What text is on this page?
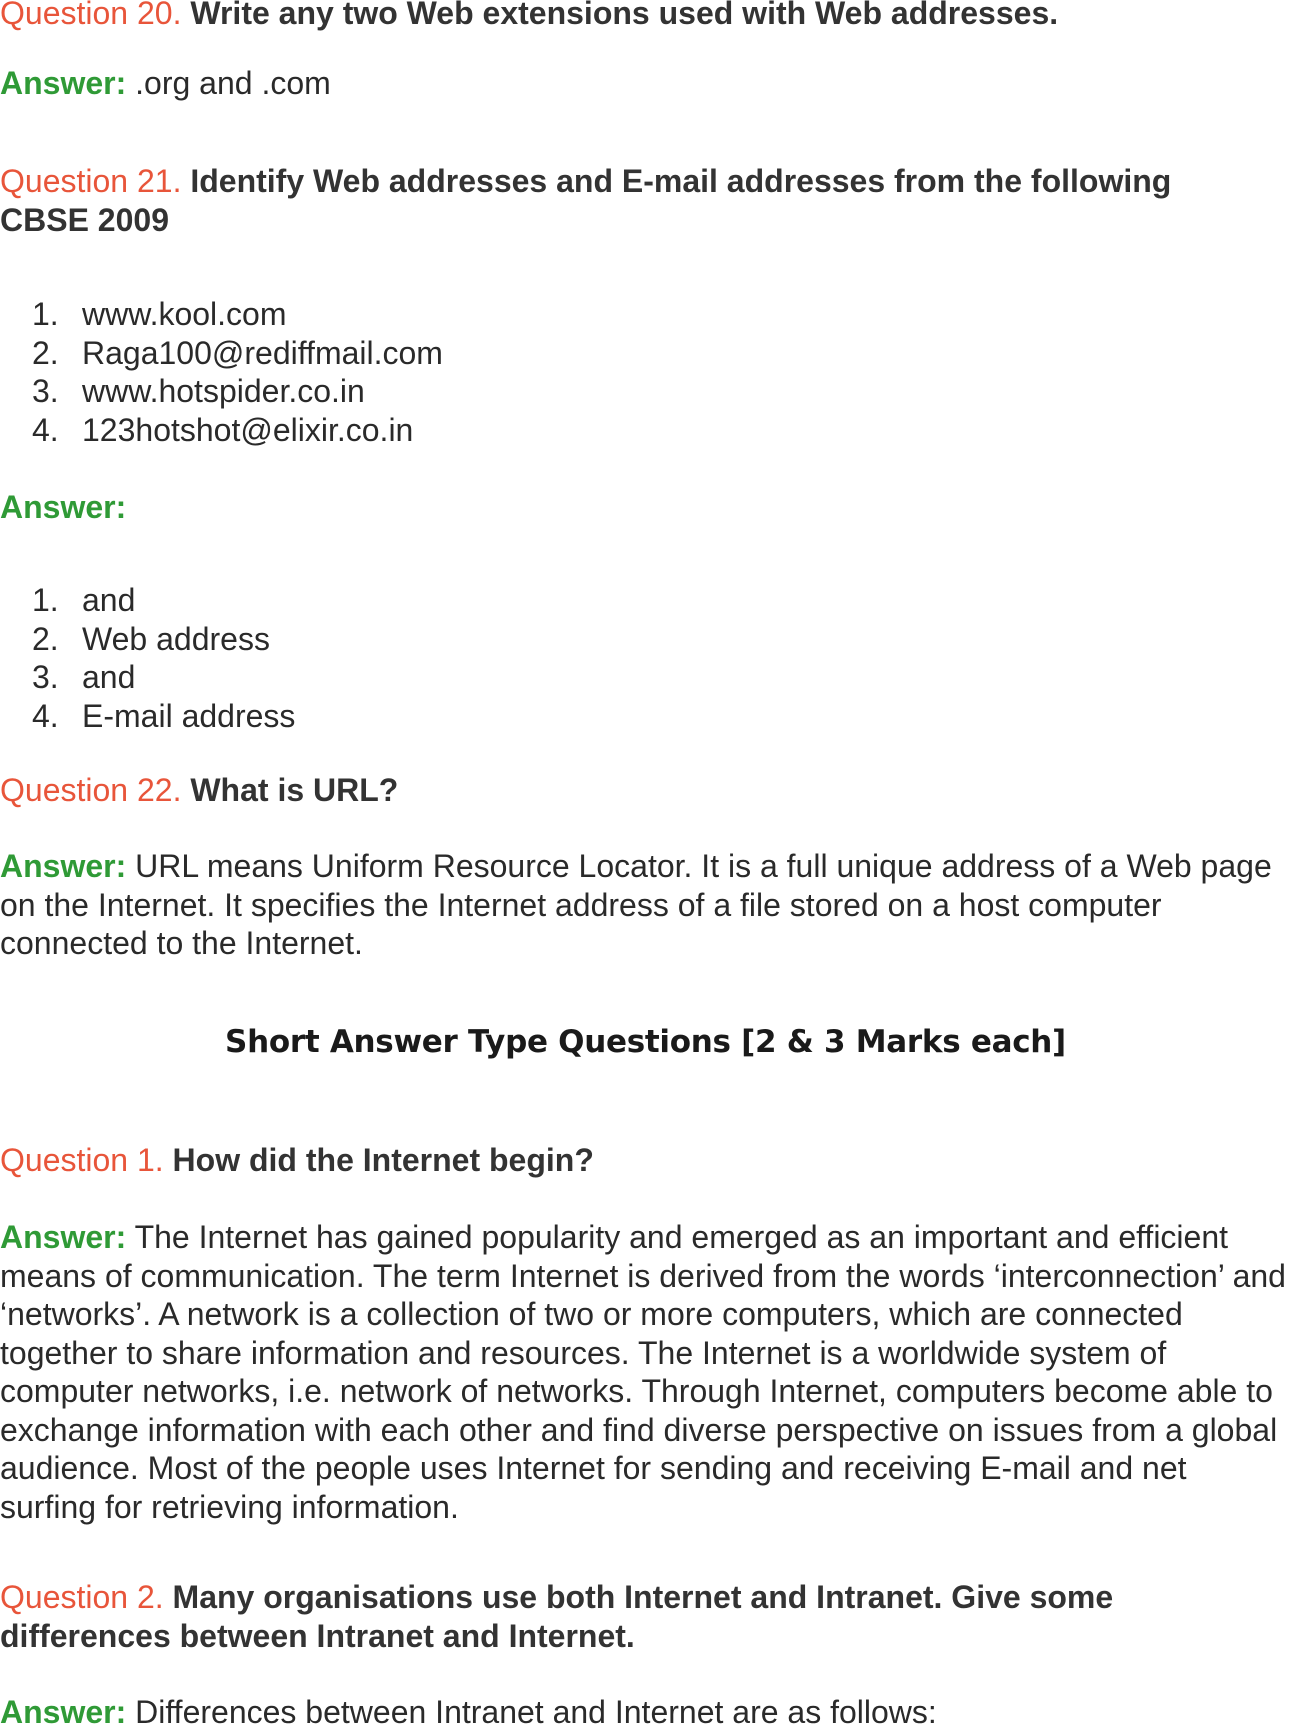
Question 20. Write any two Web extensions used with Web addresses.

Answer: .org and .com

Question 21. Identify Web addresses and E-mail addresses from the following CBSE 2009

1. www.kool.com
2. Raga100@rediffmail.com
3. www.hotspider.co.in
4. 123hotshot@elixir.co.in

Answer:

1. and
2. Web address
3. and
4. E-mail address

Question 22. What is URL?

Answer: URL means Uniform Resource Locator. It is a full unique address of a Web page on the Internet. It specifies the Internet address of a file stored on a host computer connected to the Internet.

Short Answer Type Questions [2 & 3 Marks each]

Question 1. How did the Internet begin?

Answer: The Internet has gained popularity and emerged as an important and efficient means of communication. The term Internet is derived from the words ‘interconnection’ and ‘networks’. A network is a collection of two or more computers, which are connected together to share information and resources. The Internet is a worldwide system of computer networks, i.e. network of networks. Through Internet, computers become able to exchange information with each other and find diverse perspective on issues from a global audience. Most of the people uses Internet for sending and receiving E-mail and net surfing for retrieving information.

Question 2. Many organisations use both Internet and Intranet. Give some differences between Intranet and Internet.

Answer: Differences between Intranet and Internet are as follows:
